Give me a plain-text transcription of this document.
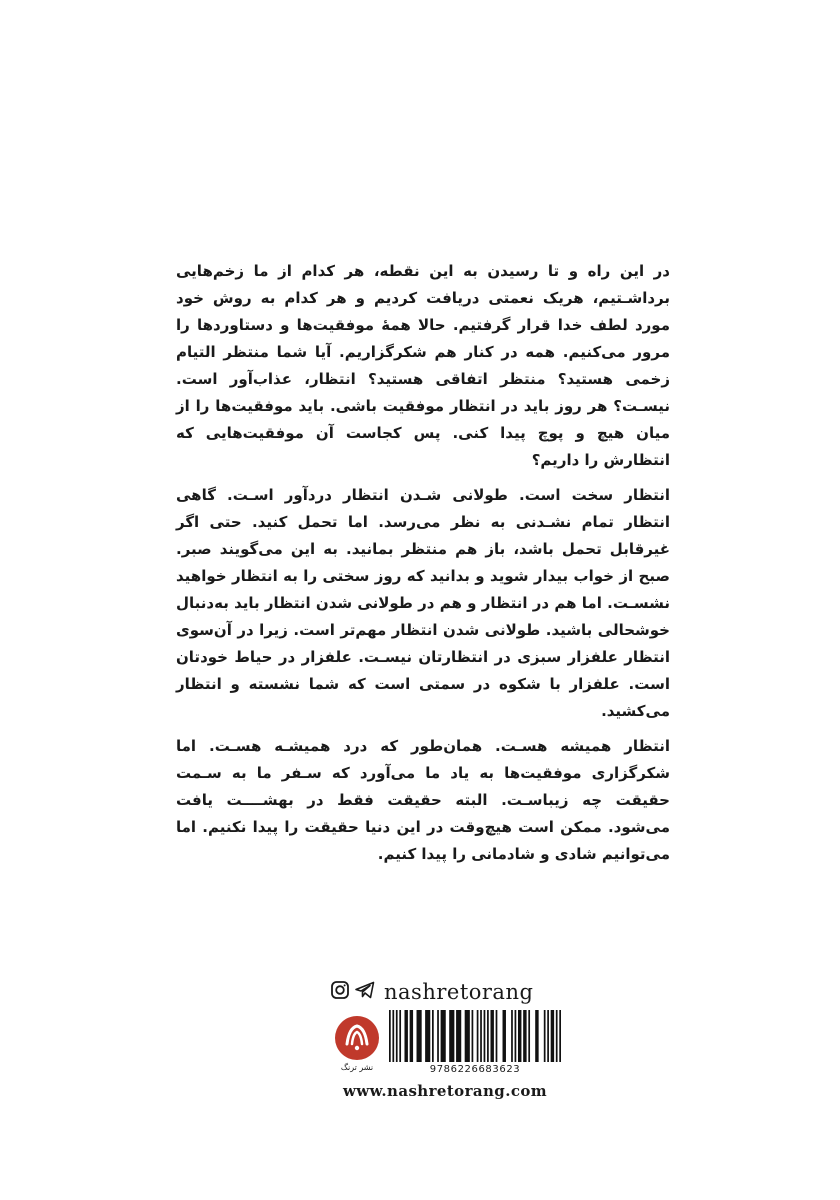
در این راه و تا رسیدن به این نقطه، هر کدام از ما زخم‌هایی برداشـتیم، هریک نعمتی دریافت کردیم و هر کدام به روش خود مورد لطف خدا قرار گرفتیم. حالا همهٔ موفقیت‌ها و دستاوردها را مرور می‌کنیم. همه در کنار هم شکرگزاریم. آیا شما منتظر التیام زخمی هستید؟ منتظر اتفاقی هستید؟ انتظار، عذاب‌آور است. نیسـت؟ هر روز باید در انتظار موفقیت باشی. باید موفقیت‌ها را از میان هیچ و پوچ پیدا کنی. پس کجاست آن موفقیت‌هایی که انتظارش را داریم؟

انتظار سخت است. طولانی شـدن انتظار دردآور اسـت. گاهی انتظار تمام نشـدنی به نظر می‌رسد. اما تحمل کنید. حتی اگر غیرقابل تحمل باشد، باز هم منتظر بمانید. به این می‌گویند صبر. صبح از خواب بیدار شوید و بدانید که روز سختی را به انتظار خواهید نشسـت. اما هم در انتظار و هم در طولانی شدن انتظار باید به‌دنبال خوشحالی باشید. طولانی شدن انتظار مهم‌تر است. زیرا در آن‌سوی انتظار علفزار سبزی در انتظارتان نیسـت. علفزار در حیاط خودتان است. علفزار با شکوه در سمتی است که شما نشسته و انتظار می‌کشید.

انتظار همیشه هسـت. همان‌طور که درد همیشـه هسـت. اما شکرگزاری موفقیت‌ها به یاد ما می‌آورد که سـفر ما به سـمت حقیقت چه زیباسـت. البته حقیقت فقط در بهشــــت یافت می‌شود. ممکن است هیچ‌وقت در این دنیا حقیقت را پیدا نکنیم. اما می‌توانیم شادی و شادمانی را پیدا کنیم.

nashretorang
نشر ترنگ	9786226683623
www.nashretorang.com
